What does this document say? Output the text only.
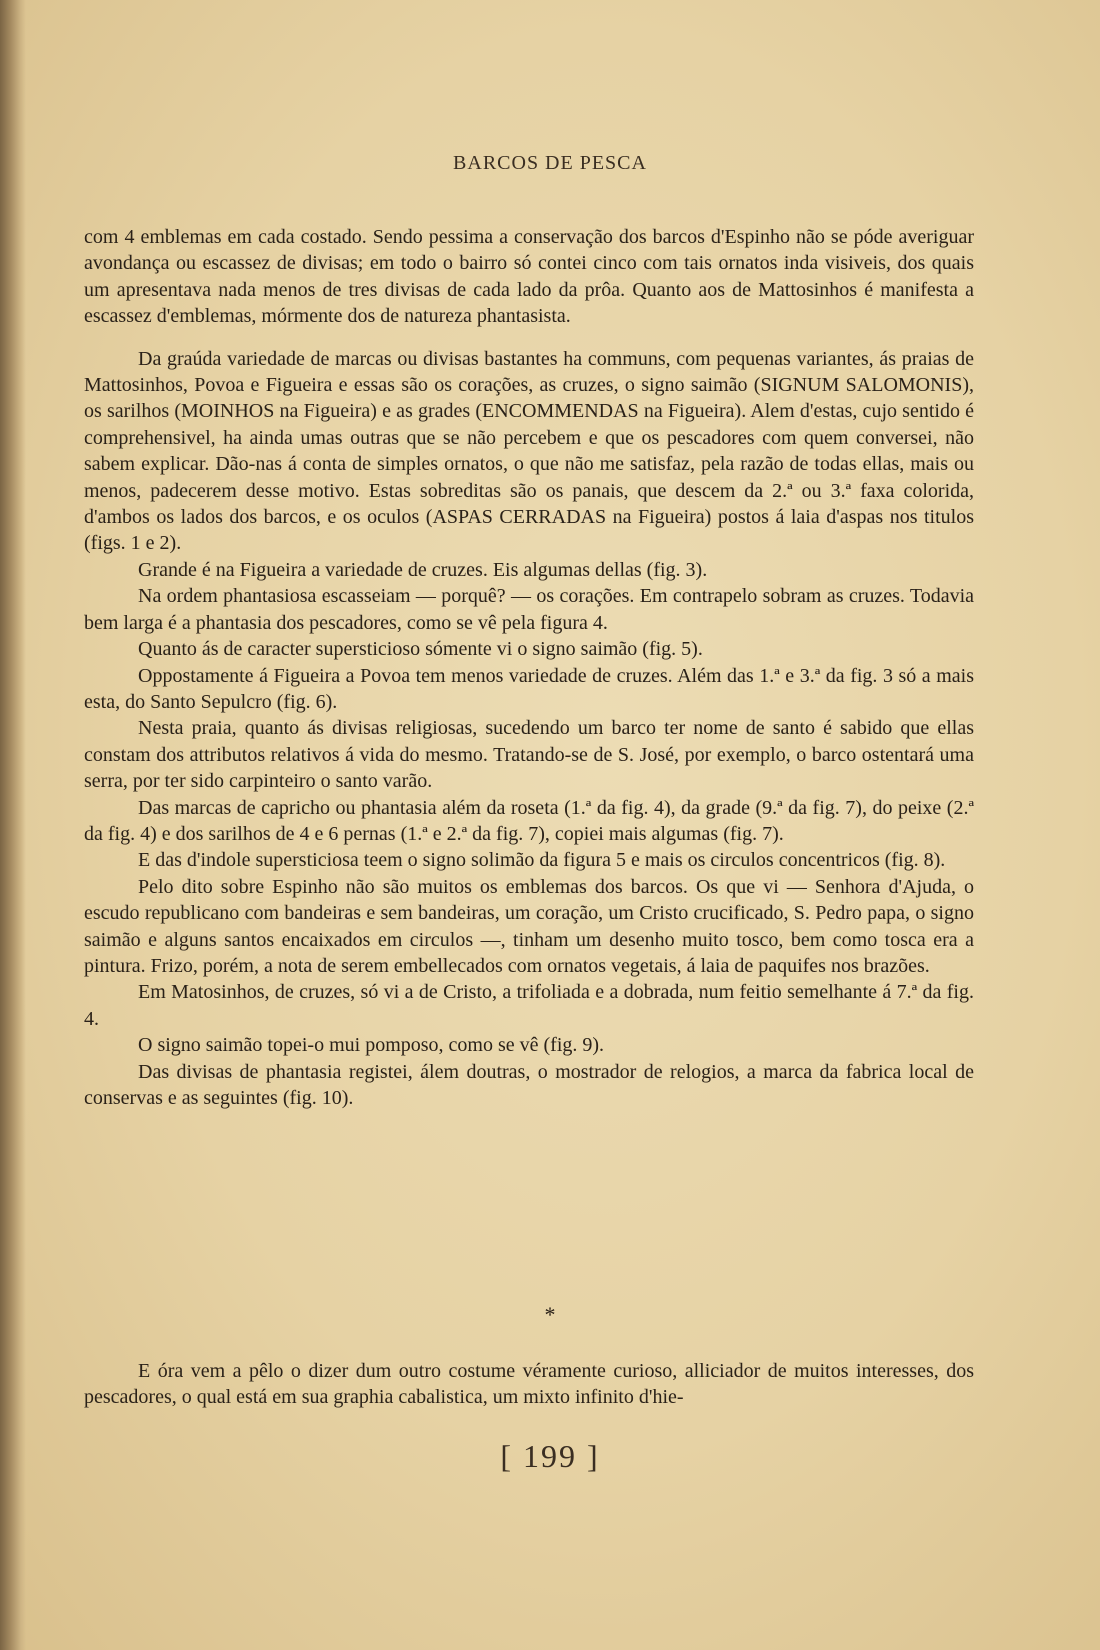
BARCOS DE PESCA

com 4 emblemas em cada costado. Sendo pessima a conservação dos barcos d'Espinho não se póde averiguar avondança ou escassez de divisas; em todo o bairro só contei cinco com tais ornatos inda visiveis, dos quais um apresentava nada menos de tres divisas de cada lado da prôa. Quanto aos de Mattosinhos é manifesta a escassez d'emblemas, mórmente dos de natureza phantasista.

Da graúda variedade de marcas ou divisas bastantes ha communs, com pequenas variantes, ás praias de Mattosinhos, Povoa e Figueira e essas são os corações, as cruzes, o signo saimão (SIGNUM SALOMONIS), os sarilhos (MOINHOS na Figueira) e as grades (ENCOMMENDAS na Figueira). Alem d'estas, cujo sentido é comprehensivel, ha ainda umas outras que se não percebem e que os pescadores com quem conversei, não sabem explicar. Dão-nas á conta de simples ornatos, o que não me satisfaz, pela razão de todas ellas, mais ou menos, padecerem desse motivo. Estas sobreditas são os panais, que descem da 2.ª ou 3.ª faxa colorida, d'ambos os lados dos barcos, e os oculos (ASPAS CERRADAS na Figueira) postos á laia d'aspas nos titulos (figs. 1 e 2).

Grande é na Figueira a variedade de cruzes. Eis algumas dellas (fig. 3).

Na ordem phantasiosa escasseiam — porquê? — os corações. Em contrapelo sobram as cruzes. Todavia bem larga é a phantasia dos pescadores, como se vê pela figura 4.

Quanto ás de caracter supersticioso sómente vi o signo saimão (fig. 5).

Oppostamente á Figueira a Povoa tem menos variedade de cruzes. Além das 1.ª e 3.ª da fig. 3 só a mais esta, do Santo Sepulcro (fig. 6).

Nesta praia, quanto ás divisas religiosas, sucedendo um barco ter nome de santo é sabido que ellas constam dos attributos relativos á vida do mesmo. Tratando-se de S. José, por exemplo, o barco ostentará uma serra, por ter sido carpinteiro o santo varão.

Das marcas de capricho ou phantasia além da roseta (1.ª da fig. 4), da grade (9.ª da fig. 7), do peixe (2.ª da fig. 4) e dos sarilhos de 4 e 6 pernas (1.ª e 2.ª da fig. 7), copiei mais algumas (fig. 7).

E das d'indole supersticiosa teem o signo solimão da figura 5 e mais os circulos concentricos (fig. 8).

Pelo dito sobre Espinho não são muitos os emblemas dos barcos. Os que vi — Senhora d'Ajuda, o escudo republicano com bandeiras e sem bandeiras, um coração, um Cristo crucificado, S. Pedro papa, o signo saimão e alguns santos encaixados em circulos —, tinham um desenho muito tosco, bem como tosca era a pintura. Frizo, porém, a nota de serem embellecados com ornatos vegetais, á laia de paquifes nos brazões.

Em Matosinhos, de cruzes, só vi a de Cristo, a trifoliada e a dobrada, num feitio semelhante á 7.ª da fig. 4.

O signo saimão topei-o mui pomposo, como se vê (fig. 9).

Das divisas de phantasia registei, álem doutras, o mostrador de relogios, a marca da fabrica local de conservas e as seguintes (fig. 10).

*

E óra vem a pêlo o dizer dum outro costume véramente curioso, alliciador de muitos interesses, dos pescadores, o qual está em sua graphia cabalistica, um mixto infinito d'hie-

[ 199 ]
